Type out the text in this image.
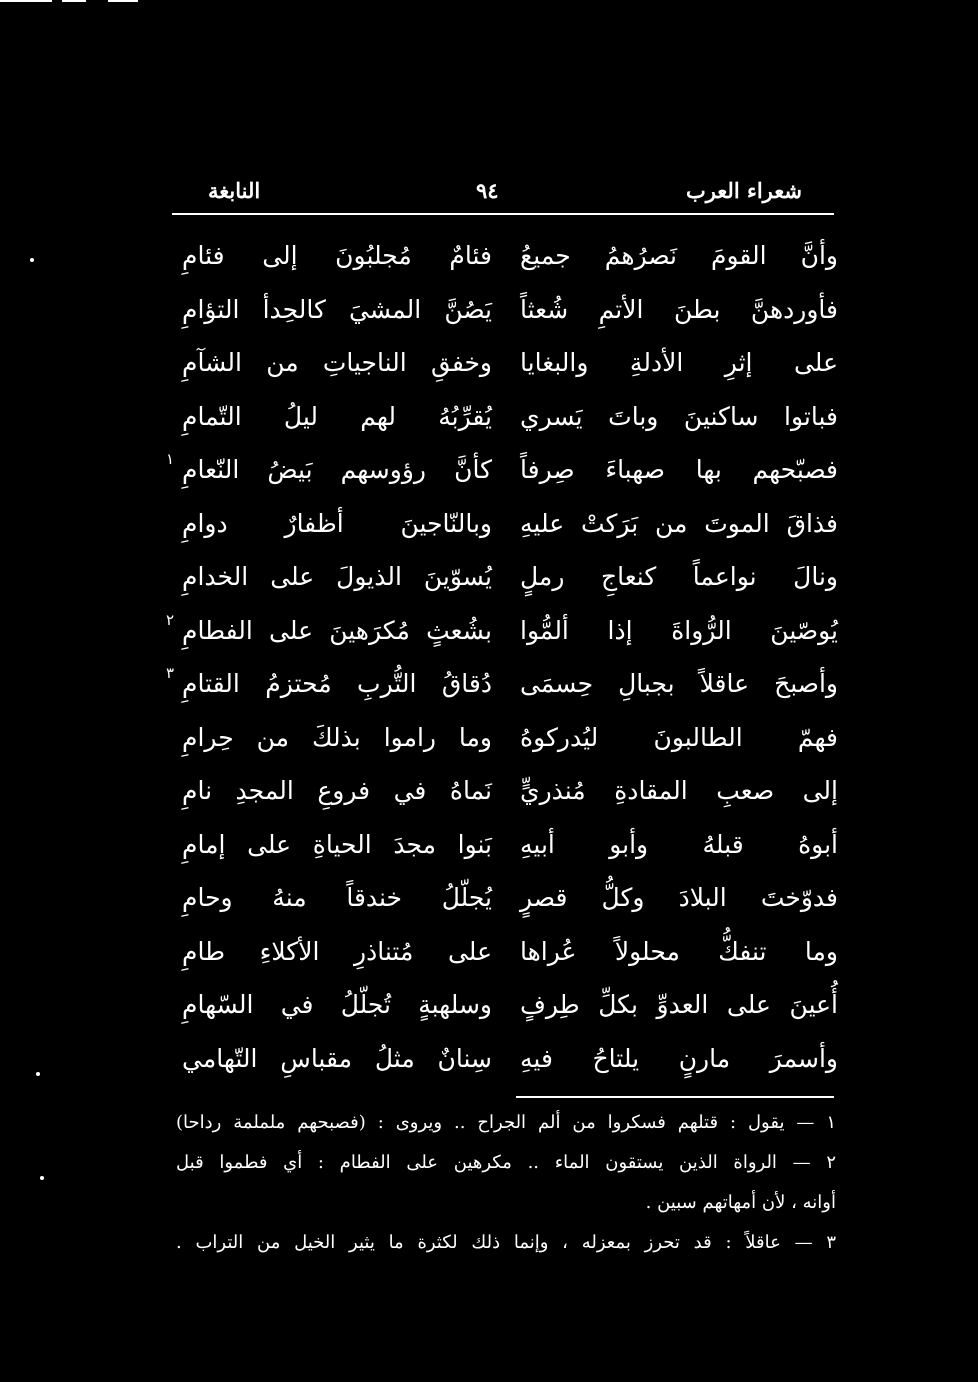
شعراء العرب
٩٤
النابغة
وأنَّ القومَ نَصرُهمُ جميعُ
فئامٌ مُجلبُونَ إلى فئامِ
فأوردهنَّ بطنَ الأتمِ شُعثاً
يَصُنَّ المشيَ كالحِدأ التؤامِ
على إثرِ الأدلةِ والبغايا
وخفقِ الناجياتِ من الشآمِ
فباتوا ساكنينَ وباتَ يَسري
يُقرِّبُهُ لهم ليلُ التّمامِ
فصبّحهم بها صهباءَ صِرفاً
كأنَّ رؤوسهم بَيضُ النّعامِ
١
فذاقَ الموتَ من بَرَكتْ عليهِ
وبالنّاجينَ أظفارٌ دوامِ
ونالَ نواعماً كنعاجِ رملٍ
يُسوّينَ الذيولَ على الخدامِ
يُوصّينَ الرُّواةَ إذا ألمُّوا
بشُعثٍ مُكرَهينَ على الفطامِ
٢
وأصبحَ عاقلاً بجبالِ حِسمَى
دُقاقُ التُّربِ مُحتزمُ القتامِ
٣
فهمّ الطالبونَ ليُدركوهُ
وما راموا بذلكَ من حِرامِ
إلى صعبِ المقادةِ مُنذريٍّ
نَماهُ في فروعِ المجدِ نامِ
أبوهُ قبلهُ وأبو أبيهِ
بَنوا مجدَ الحياةِ على إمامِ
فدوّختَ البلادَ وكلُّ قصرٍ
يُجلّلُ خندقاً منهُ وحامِ
وما تنفكُّ محلولاً عُراها
على مُتناذرِ الأكلاءِ طامِ
أُعينَ على العدوِّ بكلِّ طِرفٍ
وسلهبةٍ تُجلّلُ في السّهامِ
وأسمرَ مارنٍ يلتاحُ فيهِ
سِنانٌ مثلُ مقباسِ التّهامي
١ — يقول : قتلهم فسكروا من ألم الجراح .. ويروى : (فصبحهم ململمة رداحا)
٢ — الرواة الذين يستقون الماء .. مكرهين على الفطام : أي فطموا قبل
أوانه ، لأن أمهاتهم سبين .
٣ — عاقلاً : قد تحرز بمعزله ، وإنما ذلك لكثرة ما يثير الخيل من التراب .
